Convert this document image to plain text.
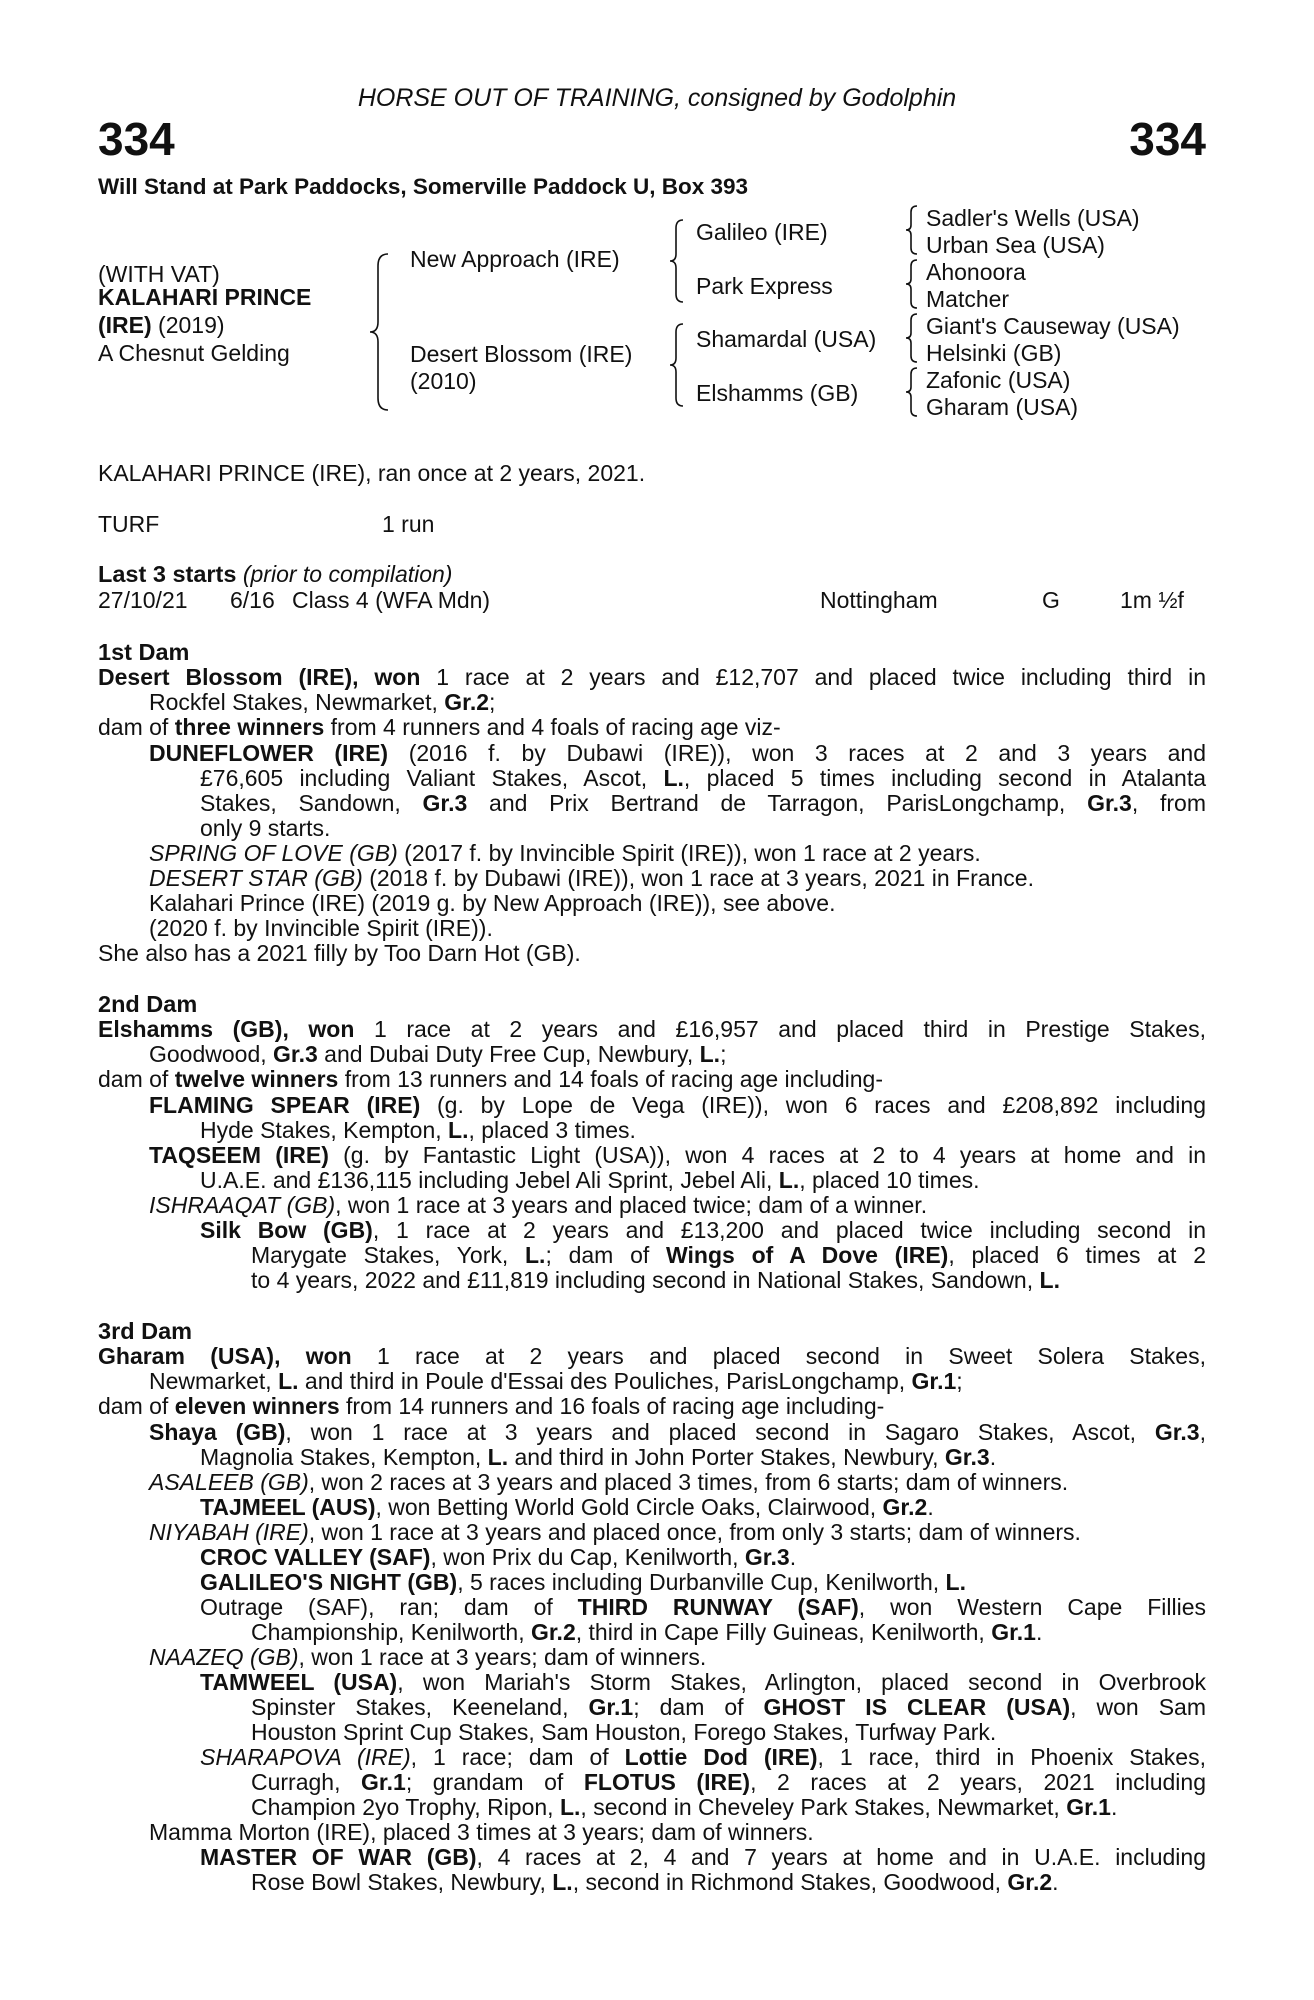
HORSE OUT OF TRAINING, consigned by Godolphin
334	334
Will Stand at Park Paddocks, Somerville Paddock U, Box 393
(WITH VAT)
KALAHARI PRINCE
(IRE) (2019)
A Chesnut Gelding
New Approach (IRE)
Desert Blossom (IRE)
(2010)
Galileo (IRE)
Park Express
Shamardal (USA)
Elshamms (GB)
Sadler's Wells (USA)
Urban Sea (USA)
Ahonoora
Matcher
Giant's Causeway (USA)
Helsinki (GB)
Zafonic (USA)
Gharam (USA)
KALAHARI PRINCE (IRE), ran once at 2 years, 2021.
TURF	1 run
Last 3 starts (prior to compilation)
27/10/21 6/16 Class 4 (WFA Mdn)	Nottingham	G	1m ½f
1st Dam
Desert Blossom (IRE), won 1 race at 2 years and £12,707 and placed twice including third in
Rockfel Stakes, Newmarket, Gr.2;
dam of three winners from 4 runners and 4 foals of racing age viz-
DUNEFLOWER (IRE) (2016 f. by Dubawi (IRE)), won 3 races at 2 and 3 years and
£76,605 including Valiant Stakes, Ascot, L., placed 5 times including second in Atalanta
Stakes, Sandown, Gr.3 and Prix Bertrand de Tarragon, ParisLongchamp, Gr.3, from
only 9 starts.
SPRING OF LOVE (GB) (2017 f. by Invincible Spirit (IRE)), won 1 race at 2 years.
DESERT STAR (GB) (2018 f. by Dubawi (IRE)), won 1 race at 3 years, 2021 in France.
Kalahari Prince (IRE) (2019 g. by New Approach (IRE)), see above.
(2020 f. by Invincible Spirit (IRE)).
She also has a 2021 filly by Too Darn Hot (GB).
2nd Dam
Elshamms (GB), won 1 race at 2 years and £16,957 and placed third in Prestige Stakes,
Goodwood, Gr.3 and Dubai Duty Free Cup, Newbury, L.;
dam of twelve winners from 13 runners and 14 foals of racing age including-
FLAMING SPEAR (IRE) (g. by Lope de Vega (IRE)), won 6 races and £208,892 including
Hyde Stakes, Kempton, L., placed 3 times.
TAQSEEM (IRE) (g. by Fantastic Light (USA)), won 4 races at 2 to 4 years at home and in
U.A.E. and £136,115 including Jebel Ali Sprint, Jebel Ali, L., placed 10 times.
ISHRAAQAT (GB), won 1 race at 3 years and placed twice; dam of a winner.
Silk Bow (GB), 1 race at 2 years and £13,200 and placed twice including second in
Marygate Stakes, York, L.; dam of Wings of A Dove (IRE), placed 6 times at 2
to 4 years, 2022 and £11,819 including second in National Stakes, Sandown, L.
3rd Dam
Gharam (USA), won 1 race at 2 years and placed second in Sweet Solera Stakes,
Newmarket, L. and third in Poule d'Essai des Pouliches, ParisLongchamp, Gr.1;
dam of eleven winners from 14 runners and 16 foals of racing age including-
Shaya (GB), won 1 race at 3 years and placed second in Sagaro Stakes, Ascot, Gr.3,
Magnolia Stakes, Kempton, L. and third in John Porter Stakes, Newbury, Gr.3.
ASALEEB (GB), won 2 races at 3 years and placed 3 times, from 6 starts; dam of winners.
TAJMEEL (AUS), won Betting World Gold Circle Oaks, Clairwood, Gr.2.
NIYABAH (IRE), won 1 race at 3 years and placed once, from only 3 starts; dam of winners.
CROC VALLEY (SAF), won Prix du Cap, Kenilworth, Gr.3.
GALILEO'S NIGHT (GB), 5 races including Durbanville Cup, Kenilworth, L.
Outrage (SAF), ran; dam of THIRD RUNWAY (SAF), won Western Cape Fillies
Championship, Kenilworth, Gr.2, third in Cape Filly Guineas, Kenilworth, Gr.1.
NAAZEQ (GB), won 1 race at 3 years; dam of winners.
TAMWEEL (USA), won Mariah's Storm Stakes, Arlington, placed second in Overbrook
Spinster Stakes, Keeneland, Gr.1; dam of GHOST IS CLEAR (USA), won Sam
Houston Sprint Cup Stakes, Sam Houston, Forego Stakes, Turfway Park.
SHARAPOVA (IRE), 1 race; dam of Lottie Dod (IRE), 1 race, third in Phoenix Stakes,
Curragh, Gr.1; grandam of FLOTUS (IRE), 2 races at 2 years, 2021 including
Champion 2yo Trophy, Ripon, L., second in Cheveley Park Stakes, Newmarket, Gr.1.
Mamma Morton (IRE), placed 3 times at 3 years; dam of winners.
MASTER OF WAR (GB), 4 races at 2, 4 and 7 years at home and in U.A.E. including
Rose Bowl Stakes, Newbury, L., second in Richmond Stakes, Goodwood, Gr.2.
